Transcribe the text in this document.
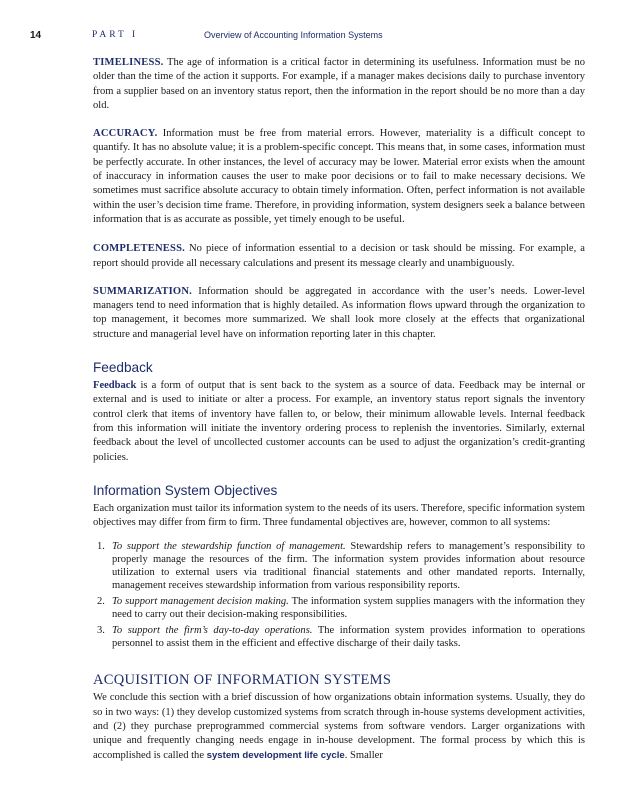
14	PART I	Overview of Accounting Information Systems

TIMELINESS. The age of information is a critical factor in determining its usefulness. Information must be no older than the time of the action it supports. For example, if a manager makes decisions daily to purchase inventory from a supplier based on an inventory status report, then the information in the report should be no more than a day old.

ACCURACY. Information must be free from material errors. However, materiality is a difficult concept to quantify. It has no absolute value; it is a problem-specific concept. This means that, in some cases, information must be perfectly accurate. In other instances, the level of accuracy may be lower. Material error exists when the amount of inaccuracy in information causes the user to make poor decisions or to fail to make necessary decisions. We sometimes must sacrifice absolute accuracy to obtain timely information. Often, perfect information is not available within the user’s decision time frame. Therefore, in providing information, system designers seek a balance between information that is as accurate as possible, yet timely enough to be useful.

COMPLETENESS. No piece of information essential to a decision or task should be missing. For example, a report should provide all necessary calculations and present its message clearly and unambiguously.

SUMMARIZATION. Information should be aggregated in accordance with the user’s needs. Lower-level managers tend to need information that is highly detailed. As information flows upward through the organization to top management, it becomes more summarized. We shall look more closely at the effects that organizational structure and managerial level have on information reporting later in this chapter.

Feedback

Feedback is a form of output that is sent back to the system as a source of data. Feedback may be internal or external and is used to initiate or alter a process. For example, an inventory status report signals the inventory control clerk that items of inventory have fallen to, or below, their minimum allowable levels. Internal feedback from this information will initiate the inventory ordering process to replenish the inventories. Similarly, external feedback about the level of uncollected customer accounts can be used to adjust the organization’s credit-granting policies.

Information System Objectives

Each organization must tailor its information system to the needs of its users. Therefore, specific information system objectives may differ from firm to firm. Three fundamental objectives are, however, common to all systems:

1. To support the stewardship function of management. Stewardship refers to management’s responsibility to properly manage the resources of the firm. The information system provides information about resource utilization to external users via traditional financial statements and other mandated reports. Internally, management receives stewardship information from various responsibility reports.
2. To support management decision making. The information system supplies managers with the information they need to carry out their decision-making responsibilities.
3. To support the firm’s day-to-day operations. The information system provides information to operations personnel to assist them in the efficient and effective discharge of their daily tasks.
ACQUISITION OF INFORMATION SYSTEMS

We conclude this section with a brief discussion of how organizations obtain information systems. Usually, they do so in two ways: (1) they develop customized systems from scratch through in-house systems development activities, and (2) they purchase preprogrammed commercial systems from software vendors. Larger organizations with unique and frequently changing needs engage in in-house development. The formal process by which this is accomplished is called the system development life cycle. Smaller
